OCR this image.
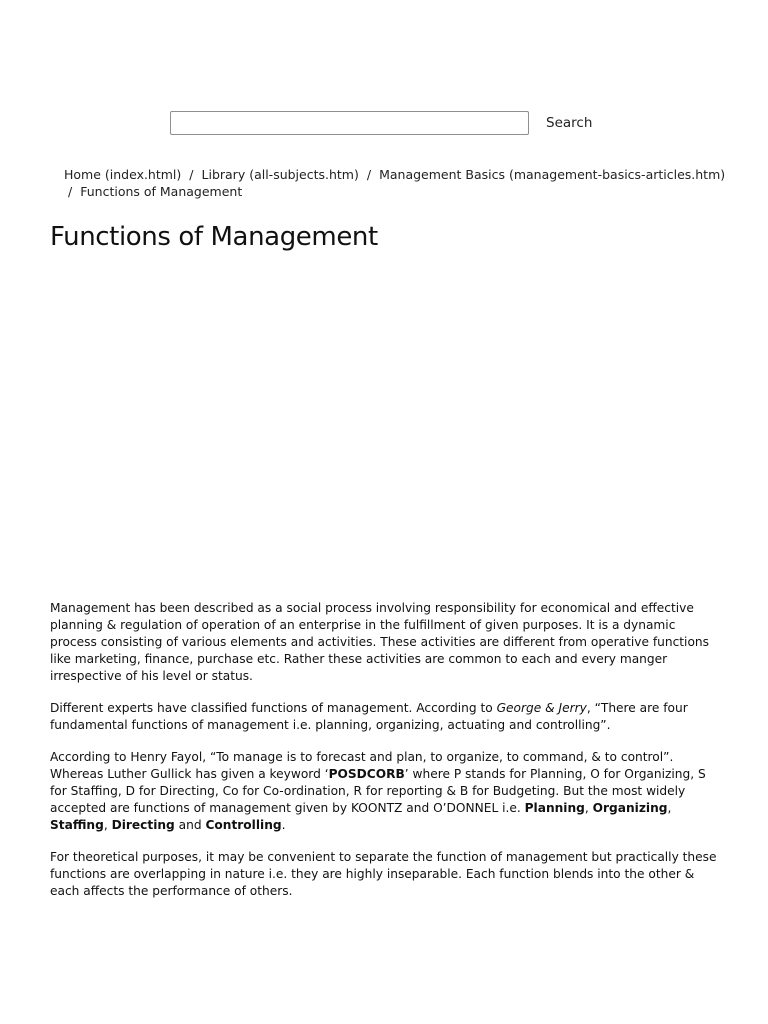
Search
Home (index.html) / Library (all-subjects.htm) / Management Basics (management-basics-articles.htm)
/ Functions of Management
Functions of Management

Management has been described as a social process involving responsibility for economical and effective planning & regulation of operation of an enterprise in the fulfillment of given purposes. It is a dynamic process consisting of various elements and activities. These activities are different from operative functions like marketing, finance, purchase etc. Rather these activities are common to each and every manger irrespective of his level or status.

Different experts have classified functions of management. According to George & Jerry, “There are four fundamental functions of management i.e. planning, organizing, actuating and controlling”.

According to Henry Fayol, “To manage is to forecast and plan, to organize, to command, & to control”. Whereas Luther Gullick has given a keyword ‘POSDCORB’ where P stands for Planning, O for Organizing, S for Staffing, D for Directing, Co for Co-ordination, R for reporting & B for Budgeting. But the most widely accepted are functions of management given by KOONTZ and O’DONNEL i.e. Planning, Organizing, Staffing, Directing and Controlling.

For theoretical purposes, it may be convenient to separate the function of management but practically these functions are overlapping in nature i.e. they are highly inseparable. Each function blends into the other & each affects the performance of others.
